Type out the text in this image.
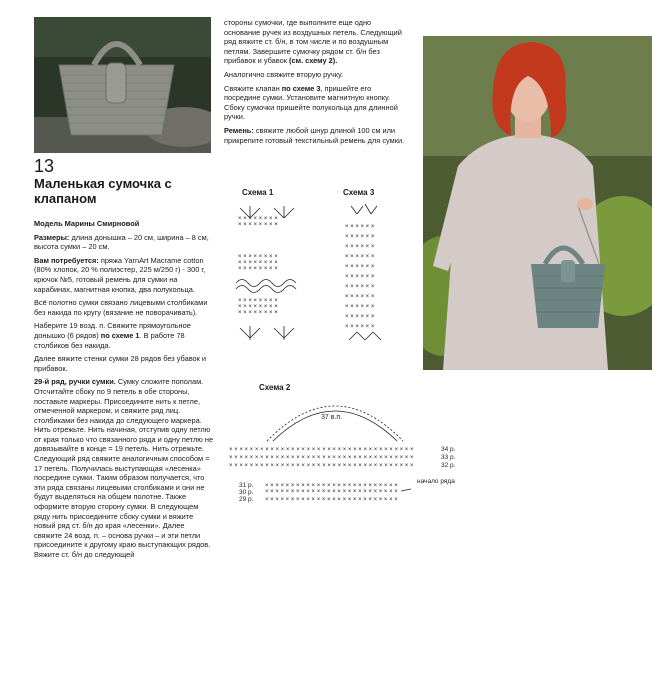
13
Маленькая сумочка с клапаном

Модель Марины Смирновой

Размеры: длина донышка – 20 см, ширина – 8 см, высота сумки – 20 см.

Вам потребуется: пряжа YarnArt Macrame cotton (80% хлопок, 20 % полиэстер, 225 м/250 г) - 300 г, крючок №5, готовый ремень для сумки на карабинах, магнитная кнопка, два полукольца.

Всё полотно сумки связано лицевыми столбиками без накида по кругу (вязание не поворачивать).

Наберите 19 возд. п. Свяжите прямоугольное донышко (6 рядов) по схеме 1. В работе 78 столбиков без накида.

Далее вяжите стенки сумки 28 рядов без убавок и прибавок.

29-й ряд, ручки сумки. Сумку сложите пополам. Отсчитайте сбоку по 9 петель в обе стороны, поставьте маркеры. Присоедините нить к петле, отмеченной маркером, и свяжите ряд лиц. столбиками без накида до следующего маркера. Нить отрежьте. Нить начиная, отступив одну петлю от края только что связанного ряда и одну петлю не довязывайте в конце = 19 петель. Нить отрежьте. Следующий ряд свяжите аналогичным способом = 17 петель. Получилась выступающая «лесенка» посредине сумки. Таким образом получается, что эти ряда связаны лицевыми столбиками и они не будут выделяться на общем полотне. Также оформите вторую сторону сумки. В следующем ряду нить присоедините сбоку сумки и вяжите новый ряд ст. б/н до края «лесенки». Далее свяжите 24 возд. п. – основа ручки – и эти петли присоедините к другому краю выступающих рядов. Вяжите ст. б/н до следующей

стороны сумочки, где выполните еще одно основание ручек из воздушных петель. Следующий ряд вяжите ст. б/н, в том числе и по воздушным петлям. Завершите сумочку рядом ст. б/н без прибавок и убавок (см. схему 2).

Аналогично свяжите вторую ручку.

Свяжите клапан по схеме 3, пришейте его посредине сумки. Установите магнитную кнопку. Сбоку сумочки пришейте полукольца для длинной ручки.

Ремень: свяжите любой шнур длиной 100 см или прикрепите готовый текстильный ремень для сумки.

Схема 1
× × × × × × × ×
× × × × × × × ×
× × × × × × × ×
× × × × × × × ×
× × × × × × × ×
× × × × × × × ×
× × × × × × × ×
× × × × × × × ×
Схема 3
× × × × × ×
× × × × × ×
× × × × × ×
× × × × × ×
× × × × × ×
× × × × × ×
× × × × × ×
× × × × × ×
× × × × × ×
× × × × × ×
× × × × × ×
Схема 2
37 в.п.
× × × × × × × × × × × × × × × × × × × × × × × × × × × × × × × × × × × ×
× × × × × × × × × × × × × × × × × × × × × × × × × × × × × × × × × × × ×
× × × × × × × × × × × × × × × × × × × × × × × × × × × × × × × × × × × ×
× × × × × × × × × × × × × × × × × × × × × × × × × ×
× × × × × × × × × × × × × × × × × × × × × × × × × ×
× × × × × × × × × × × × × × × × × × × × × × × × × ×
34 р.
33 р.
32 р.
31 р.
30 р.
29 р.
начало ряда
